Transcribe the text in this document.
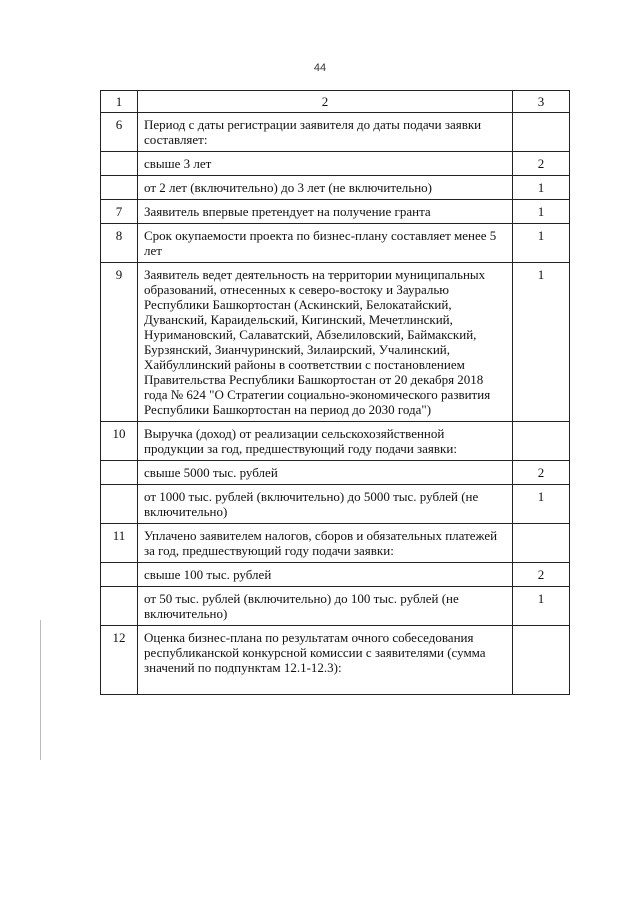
44
1	2	3
6	Период с даты регистрации заявителя до даты подачи заявки составляет:	
	свыше 3 лет	2
	от 2 лет (включительно) до 3 лет (не включительно)	1
7	Заявитель впервые претендует на получение гранта	1
8	Срок окупаемости проекта по бизнес-плану составляет менее 5 лет	1
9	Заявитель ведет деятельность на территории муниципальных образований, отнесенных к северо-востоку и Зауралью Республики Башкортостан (Аскинский, Белокатайский, Дуванский, Караидельский, Кигинский, Мечетлинский, Нуримановский, Салаватский, Абзелиловский, Баймакский, Бурзянский, Зианчуринский, Зилаирский, Учалинский, Хайбуллинский районы в соответствии с постановлением Правительства Республики Башкортостан от 20 декабря 2018 года № 624 "О Стратегии социально-экономического развития Республики Башкортостан на период до 2030 года")	1
10	Выручка (доход) от реализации сельскохозяйственной продукции за год, предшествующий году подачи заявки:	
	свыше 5000 тыс. рублей	2
	от 1000 тыс. рублей (включительно) до 5000 тыс. рублей (не включительно)	1
11	Уплачено заявителем налогов, сборов и обязательных платежей за год, предшествующий году подачи заявки:	
	свыше 100 тыс. рублей	2
	от 50 тыс. рублей (включительно) до 100 тыс. рублей (не включительно)	1
12	Оценка бизнес-плана по результатам очного собеседования республиканской конкурсной комиссии с заявителями (сумма значений по подпунктам 12.1-12.3):	
